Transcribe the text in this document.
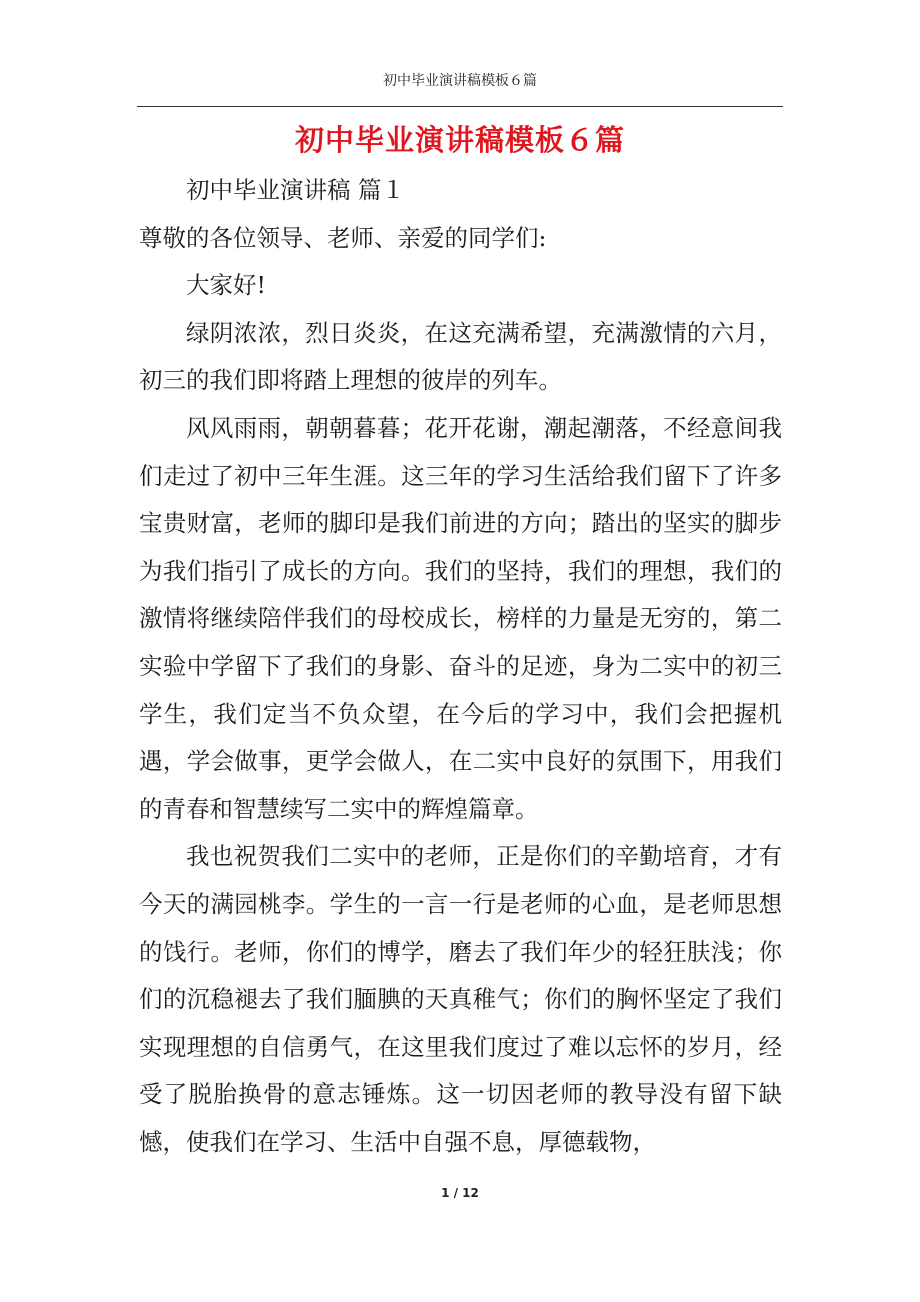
初中毕业演讲稿模板６篇
初中毕业演讲稿模板６篇

初中毕业演讲稿 篇１

尊敬的各位领导、老师、亲爱的同学们:

大家好!

绿阴浓浓，烈日炎炎，在这充满希望，充满激情的六月，初三的我们即将踏上理想的彼岸的列车。

风风雨雨，朝朝暮暮；花开花谢，潮起潮落，不经意间我们走过了初中三年生涯。这三年的学习生活给我们留下了许多宝贵财富，老师的脚印是我们前进的方向；踏出的坚实的脚步为我们指引了成长的方向。我们的坚持，我们的理想，我们的激情将继续陪伴我们的母校成长，榜样的力量是无穷的，第二实验中学留下了我们的身影、奋斗的足迹，身为二实中的初三学生，我们定当不负众望，在今后的学习中，我们会把握机遇，学会做事，更学会做人，在二实中良好的氛围下，用我们的青春和智慧续写二实中的辉煌篇章。

我也祝贺我们二实中的老师，正是你们的辛勤培育，才有今天的满园桃李。学生的一言一行是老师的心血，是老师思想的饯行。老师，你们的博学，磨去了我们年少的轻狂肤浅；你们的沉稳褪去了我们腼腆的天真稚气；你们的胸怀坚定了我们实现理想的自信勇气，在这里我们度过了难以忘怀的岁月，经受了脱胎换骨的意志锤炼。这一切因老师的教导没有留下缺憾，使我们在学习、生活中自强不息，厚德载物，

1 / 12
